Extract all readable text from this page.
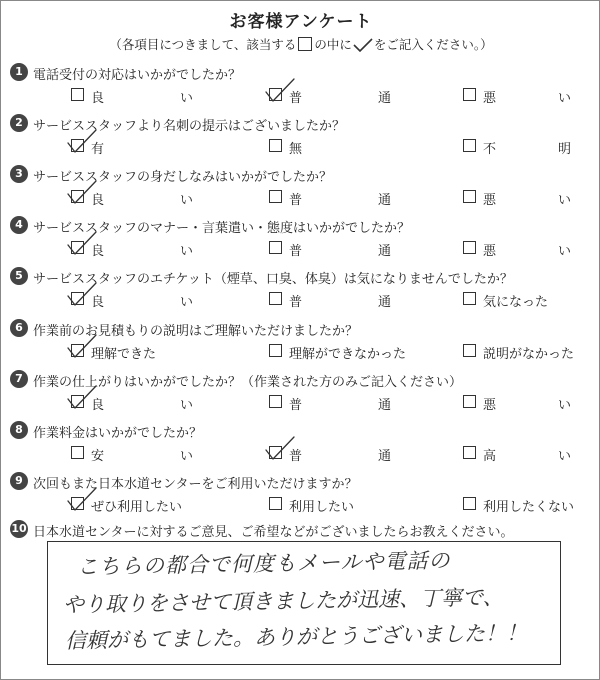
お客様アンケート
（各項目につきまして、該当する の中に をご記入ください。）
1 電話受付の対応はいかがでしたか？
良	い	普	通	悪	い
2 サービススタッフより名刺の提示はございましたか？
有	無	不	明
3 サービススタッフの身だしなみはいかがでしたか？
良	い	普	通	悪	い
4 サービススタッフのマナー・言葉遣い・態度はいかがでしたか？
良	い	普	通	悪	い
5 サービススタッフのエチケット（煙草、口臭、体臭）は気になりませんでしたか？
良	い	普	通	気になった
6 作業前のお見積もりの説明はご理解いただけましたか？
理解できた	理解ができなかった	説明がなかった
7 作業の仕上がりはいかがでしたか？（作業された方のみご記入ください）
良	い	普	通	悪	い
8 作業料金はいかがでしたか？
安	い	普	通	高	い
9 次回もまた日本水道センターをご利用いただけますか？
ぜひ利用したい	利用したい	利用したくない
10 日本水道センターに対するご意見、ご希望などがございましたらお教えください。
こちらの都合で何度もメールや電話の
やり取りをさせて頂きましたが迅速、丁寧で、
信頼がもてました。ありがとうございました！！
